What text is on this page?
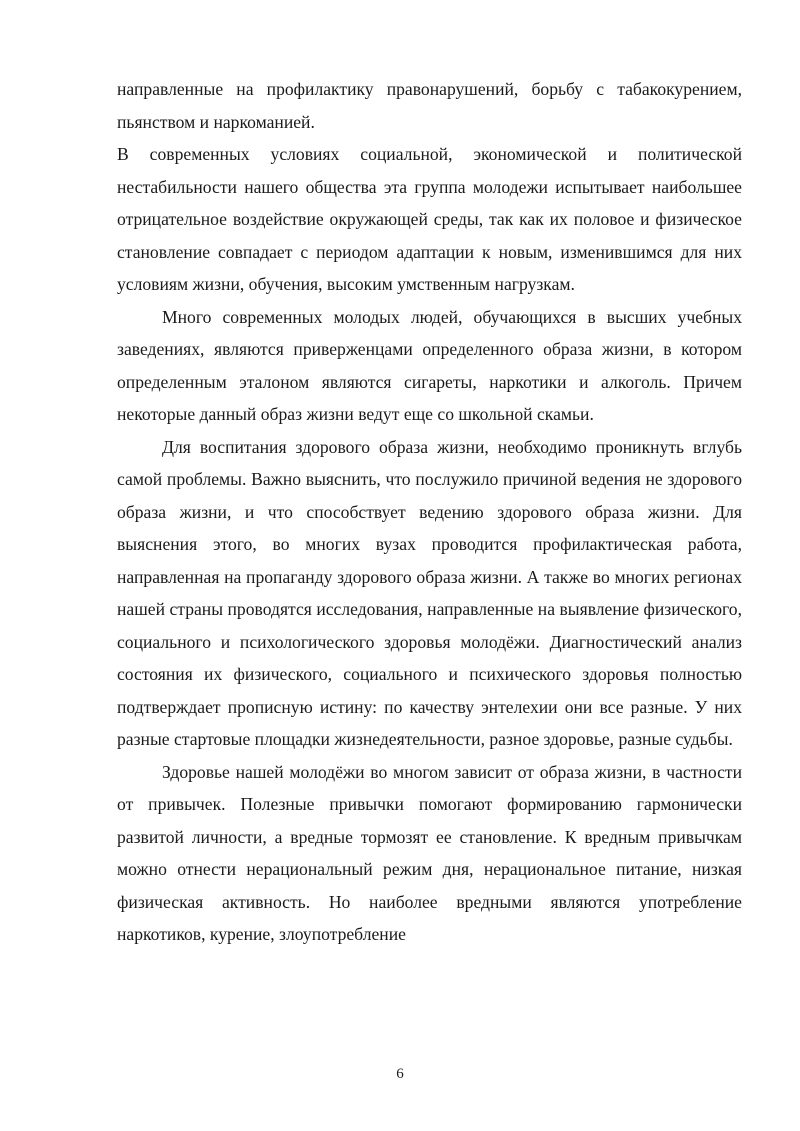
направленные на профилактику правонарушений, борьбу с табакокурением, пьянством и наркоманией.

В современных условиях социальной, экономической и политической нестабильности нашего общества эта группа молодежи испытывает наибольшее отрицательное воздействие окружающей среды, так как их половое и физическое становление совпадает с периодом адаптации к новым, изменившимся для них условиям жизни, обучения, высоким умственным нагрузкам.

Много современных молодых людей, обучающихся в высших учебных заведениях, являются приверженцами определенного образа жизни, в котором определенным эталоном являются сигареты, наркотики и алкоголь. Причем некоторые данный образ жизни ведут еще со школьной скамьи.

Для воспитания здорового образа жизни, необходимо проникнуть вглубь самой проблемы. Важно выяснить, что послужило причиной ведения не здорового образа жизни, и что способствует ведению здорового образа жизни. Для выяснения этого, во многих вузах проводится профилактическая работа, направленная на пропаганду здорового образа жизни. А также во многих регионах нашей страны проводятся исследования, направленные на выявление физического, социального и психологического здоровья молодёжи. Диагностический анализ состояния их физического, социального и психического здоровья полностью подтверждает прописную истину: по качеству энтелехии они все разные. У них разные стартовые площадки жизнедеятельности, разное здоровье, разные судьбы.

Здоровье нашей молодёжи во многом зависит от образа жизни, в частности от привычек. Полезные привычки помогают формированию гармонически развитой личности, а вредные тормозят ее становление. К вредным привычкам можно отнести нерациональный режим дня, нерациональное питание, низкая физическая активность. Но наиболее вредными являются употребление наркотиков, курение, злоупотребление

6
